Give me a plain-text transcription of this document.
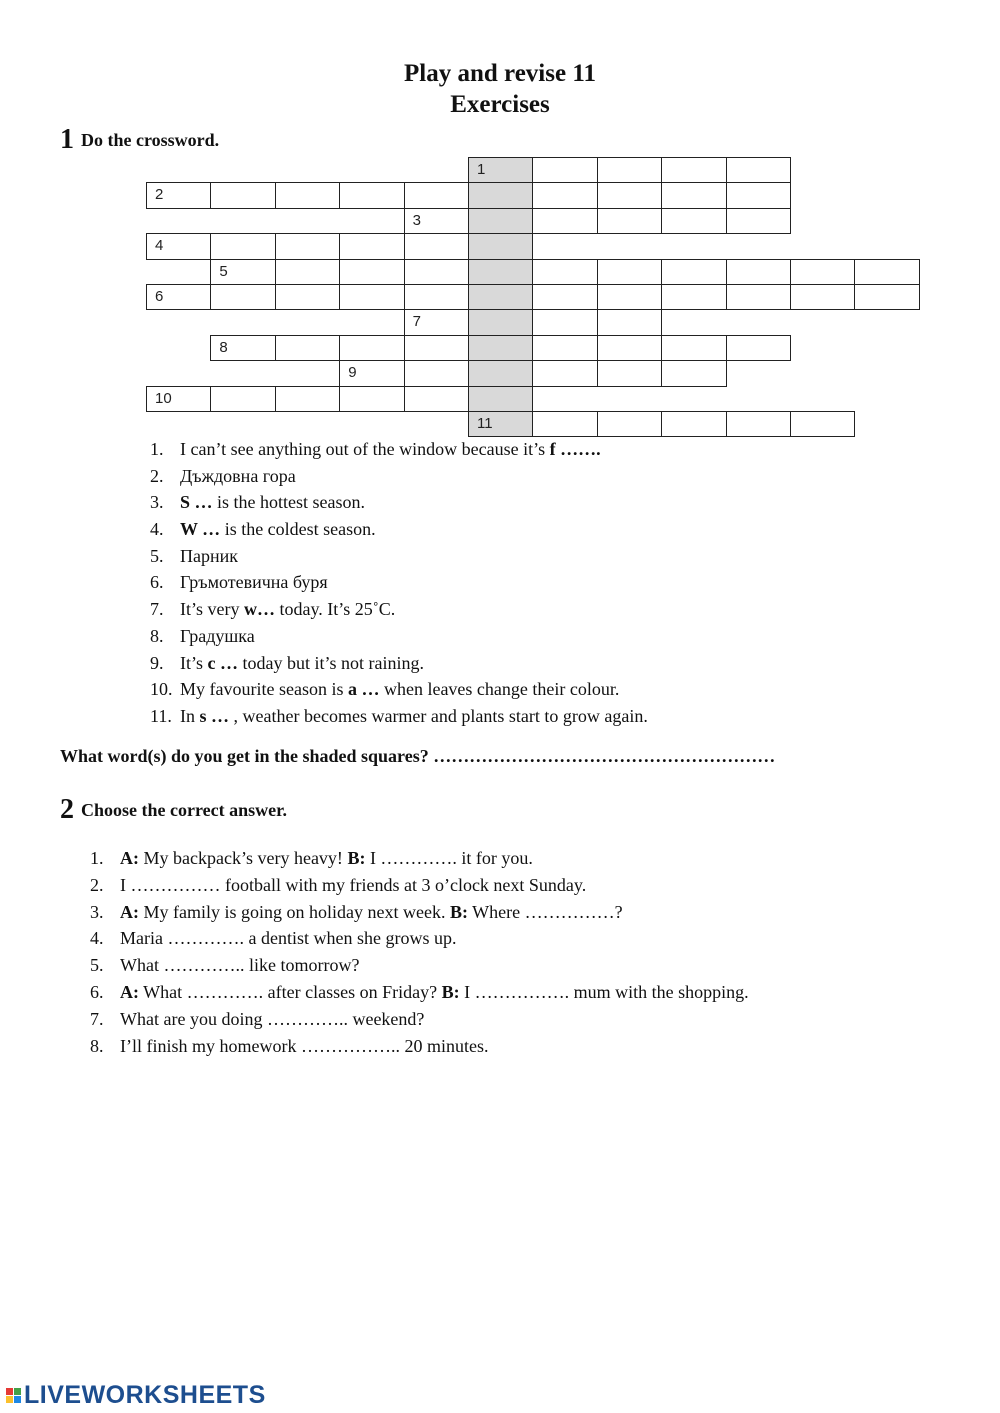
Play and revise 11
Exercises
1 Do the crossword.
1
2
3
4
5
6
7
8
9
10
11
1. I can’t see anything out of the window because it’s f …….
2. Дъждовна гора
3. S … is the hottest season.
4. W … is the coldest season.
5. Парник
6. Гръмотевична буря
7. It’s very w… today. It’s 25˚C.
8. Градушка
9. It’s c … today but it’s not raining.
10. My favourite season is a … when leaves change their colour.
11. In s … , weather becomes warmer and plants start to grow again.
What word(s) do you get in the shaded squares? …………………………………………………
2 Choose the correct answer.
1. A: My backpack’s very heavy! B: I …………. it for you.
2. I …………… football with my friends at 3 o’clock next Sunday.
3. A: My family is going on holiday next week. B: Where ……………?
4. Maria …………. a dentist when she grows up.
5. What ………….. like tomorrow?
6. A: What …………. after classes on Friday? B: I ……………. mum with the shopping.
7. What are you doing ………….. weekend?
8. I’ll finish my homework …………….. 20 minutes.
LIVEWORKSHEETS
